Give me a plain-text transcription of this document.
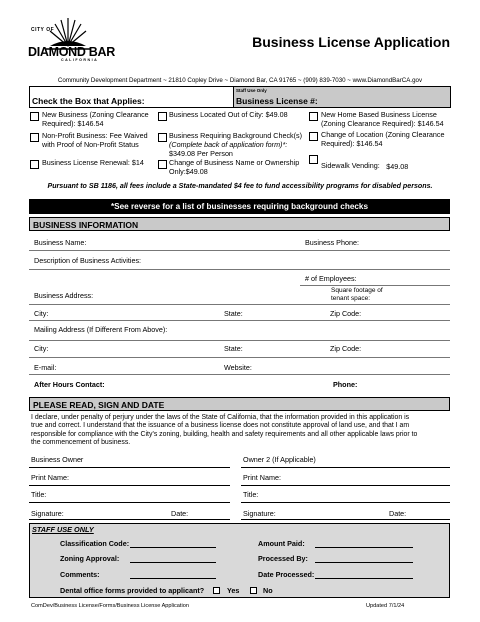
CITY OF
DIAMOND BAR
CALIFORNIA
Business License Application
Community Development Department ~ 21810 Copley Drive ~ Diamond Bar, CA 91765 ~ (909) 839-7030 ~ www.DiamondBarCA.gov
Check the Box that Applies:
Staff Use Only
Business License #:
New Business (Zoning Clearance
Required): $146.54
Non-Profit Business: Fee Waived
with Proof of Non-Profit Status
Business License Renewal: $14
Business Located Out of City: $49.08
Business Requiring Background Check(s)
(Complete back of application form)*:
$349.08 Per Person
Change of Business Name or Ownership
Only:$49.08
New Home Based Business License
(Zoning Clearance Required): $146.54
Change of Location (Zoning Clearance
Required): $146.54
Sidewalk Vending: $49.08
Pursuant to SB 1186, all fees include a State-mandated $4 fee to fund accessibility programs for disabled persons.
*See reverse for a list of businesses requiring background checks
BUSINESS INFORMATION
Business Name:	Business Phone:
Description of Business Activities:
# of Employees:
Square footage of
tenant space:
Business Address:
City:	State:	Zip Code:
Mailing Address (If Different From Above):
City:	State:	Zip Code:
E-mail:	Website:
After Hours Contact:	Phone:
PLEASE READ, SIGN AND DATE
I declare, under penalty of perjury under the laws of the State of California, that the information provided in this application is
true and correct. I understand that the issuance of a business license does not constitute approval of land use, and that I am
responsible for compliance with the City’s zoning, building, health and safety requirements and all other applicable laws prior to
the commencement of business.
Business Owner	Owner 2 (If Applicable)
Print Name:	Print Name:
Title:	Title:
Signature:	Date:	Signature:	Date:
STAFF USE ONLY
Classification Code:	Amount Paid:
Zoning Approval:	Processed By:
Comments:	Date Processed:
Dental office forms provided to applicant?	Yes	No
ComDev/Business License/Forms/Business License Application	Updated 7/1/24
